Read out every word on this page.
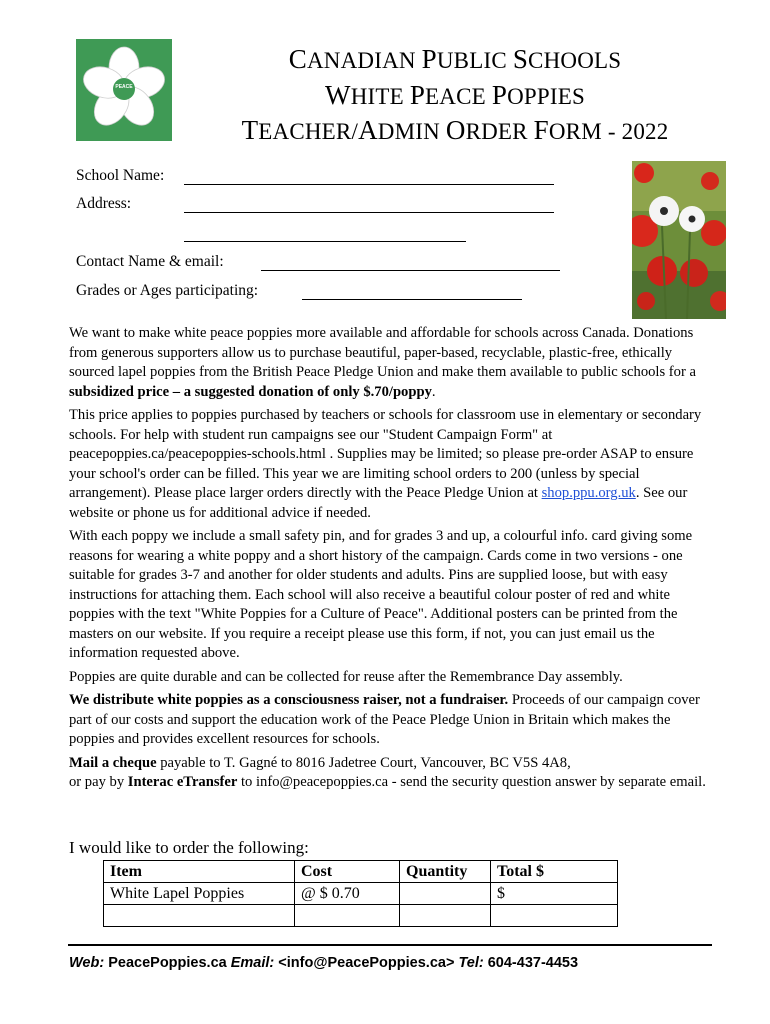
PEACE
CANADIAN PUBLIC SCHOOLS
WHITE PEACE POPPIES
TEACHER/ADMIN ORDER FORM - 2022
School Name:
Address:
Contact Name & email:
Grades or Ages participating:

We want to make white peace poppies more available and affordable for schools across Canada. Donations from generous supporters allow us to purchase beautiful, paper-based, recyclable, plastic-free, ethically sourced lapel poppies from the British Peace Pledge Union and make them available to public schools for a subsidized price – a suggested donation of only $.70/poppy.

This price applies to poppies purchased by teachers or schools for classroom use in elementary or secondary schools. For help with student run campaigns see our "Student Campaign Form" at peacepoppies.ca/peacepoppies-schools.html . Supplies may be limited; so please pre-order ASAP to ensure your school's order can be filled. This year we are limiting school orders to 200 (unless by special arrangement). Please place larger orders directly with the Peace Pledge Union at shop.ppu.org.uk. See our website or phone us for additional advice if needed.

With each poppy we include a small safety pin, and for grades 3 and up, a colourful info. card giving some reasons for wearing a white poppy and a short history of the campaign. Cards come in two versions - one suitable for grades 3-7 and another for older students and adults. Pins are supplied loose, but with easy instructions for attaching them. Each school will also receive a beautiful colour poster of red and white poppies with the text "White Poppies for a Culture of Peace". Additional posters can be printed from the masters on our website. If you require a receipt please use this form, if not, you can just email us the information requested above.

Poppies are quite durable and can be collected for reuse after the Remembrance Day assembly.

We distribute white poppies as a consciousness raiser, not a fundraiser. Proceeds of our campaign cover part of our costs and support the education work of the Peace Pledge Union in Britain which makes the poppies and provides excellent resources for schools.

Mail a cheque payable to T. Gagné to 8016 Jadetree Court, Vancouver, BC V5S 4A8,
or pay by Interac eTransfer to info@peacepoppies.ca - send the security question answer by separate email.

I would like to order the following:
Item	Cost	Quantity	Total $
White Lapel Poppies	@ $ 0.70		$

Web: PeacePoppies.ca Email: <info@PeacePoppies.ca> Tel: 604-437-4453
